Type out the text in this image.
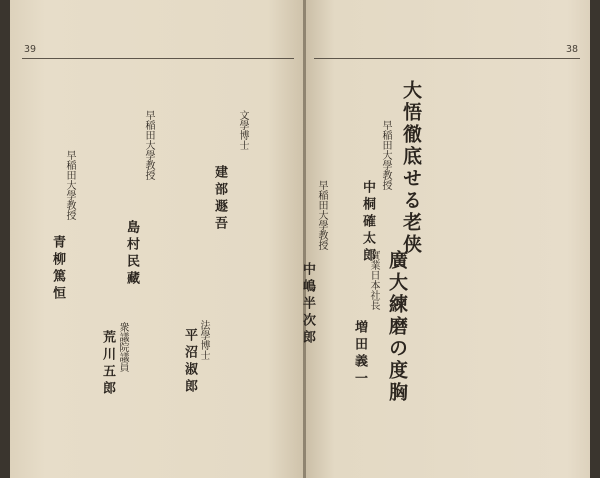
39
文學博士
建部遯吾
早稲田大學教授
島村民藏
法學博士
平沼淑郎
早稲田大學教授
青柳篤恒
衆議院議員
荒川五郎
38
大悟徹底せる老侠
早稲田大學教授
中桐確太郎
廣大練磨の度胸
實業日本社長
増田義一
早稲田大學教授
中嶋半次郎
